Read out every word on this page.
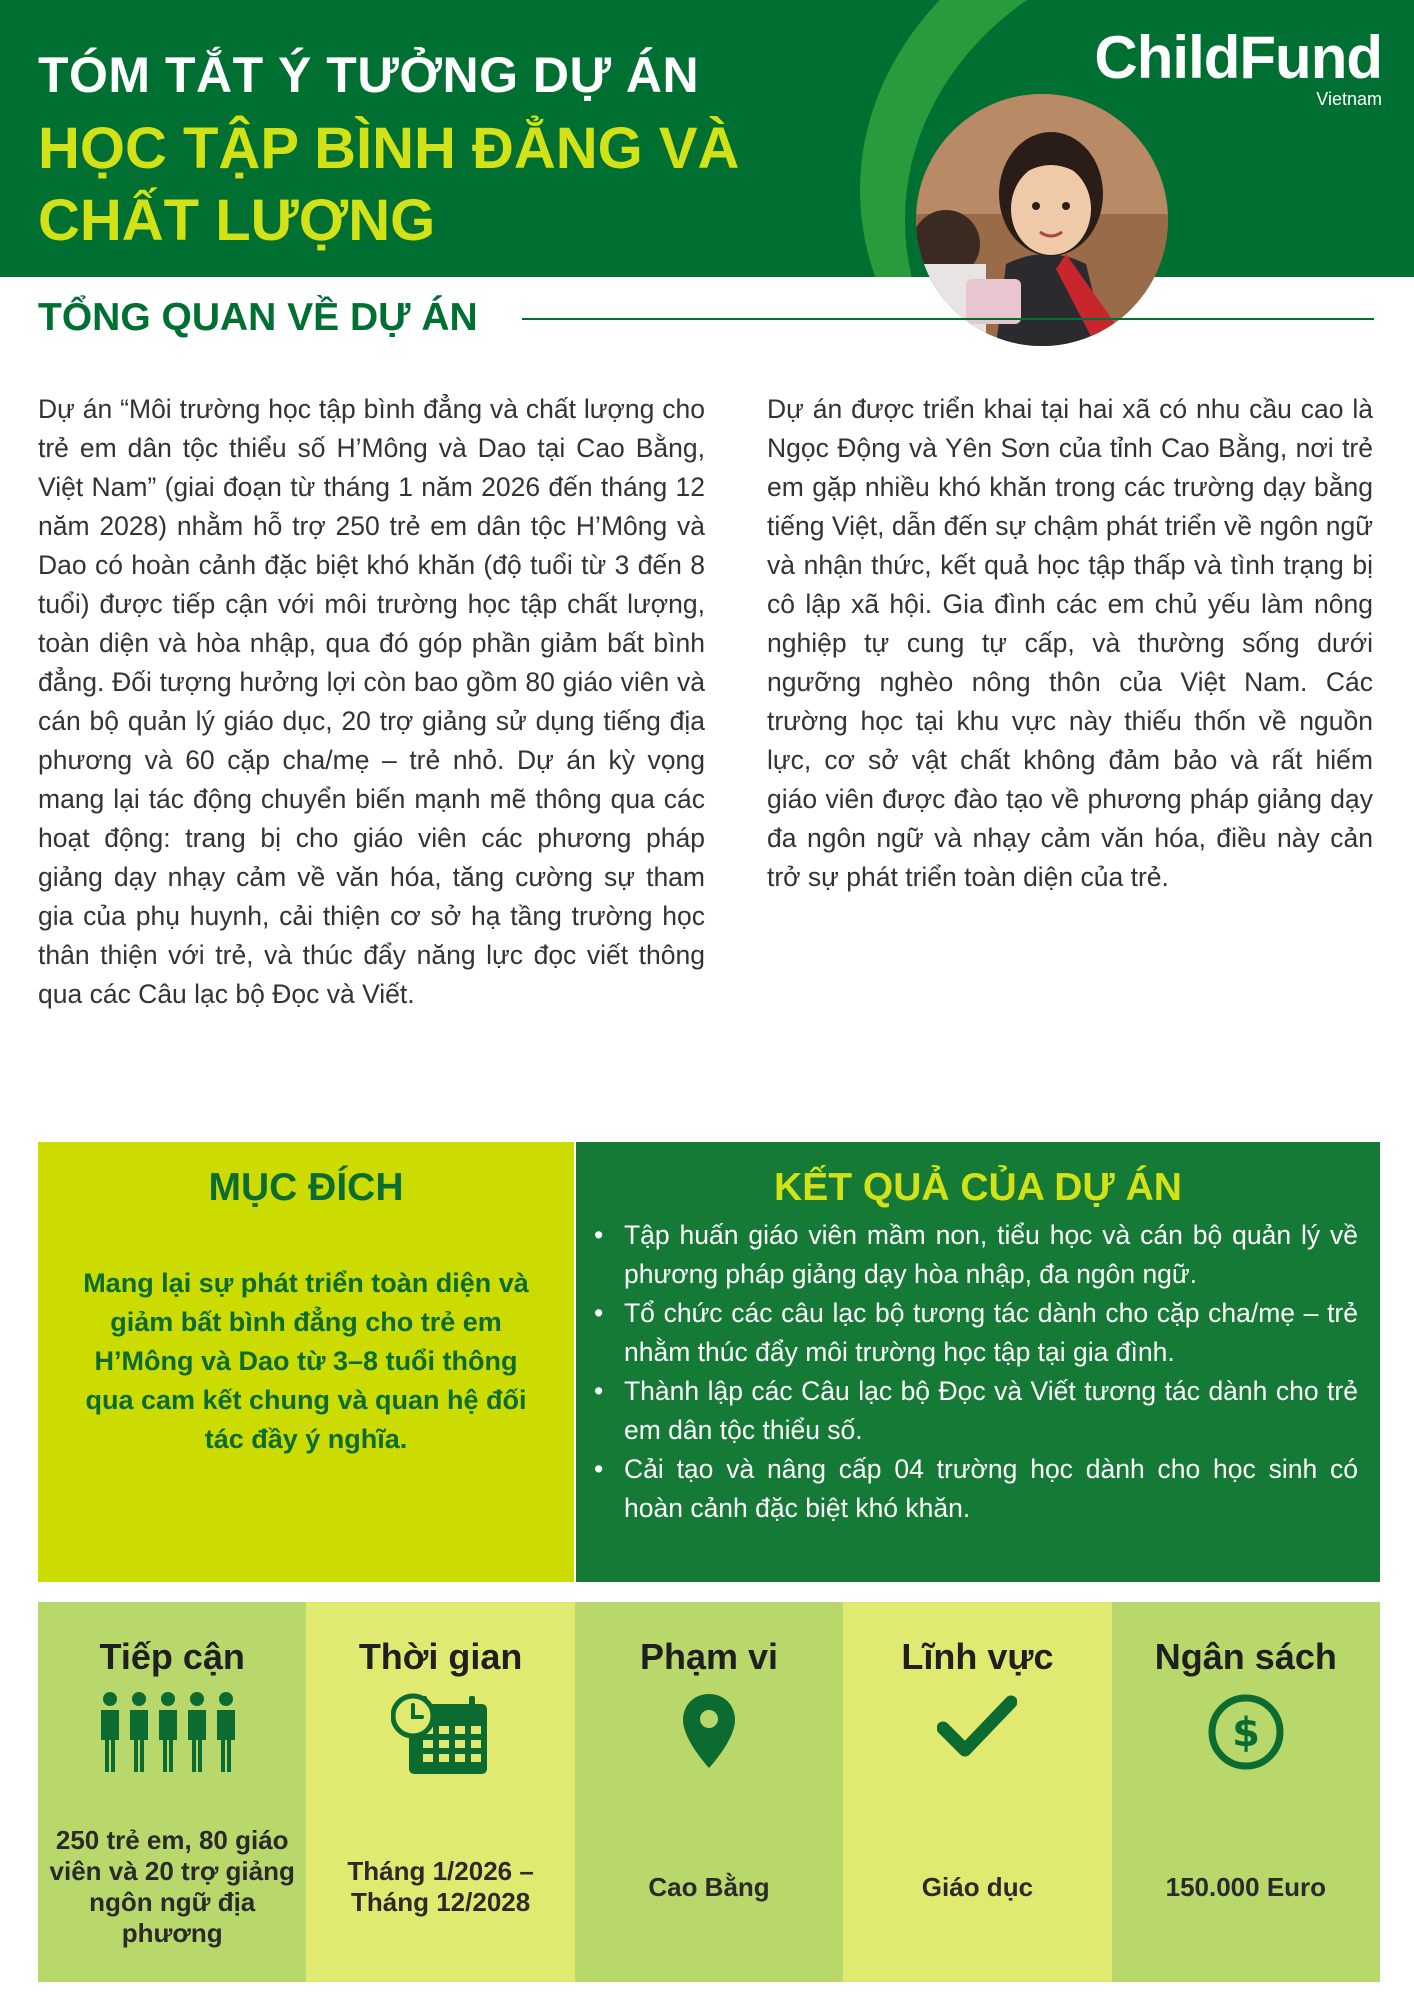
TÓM TẮT Ý TƯỞNG DỰ ÁN
HỌC TẬP BÌNH ĐẲNG VÀ CHẤT LƯỢNG
ChildFund
Vietnam
TỔNG QUAN VỀ DỰ ÁN
Dự án “Môi trường học tập bình đẳng và chất lượng cho trẻ em dân tộc thiểu số H’Mông và Dao tại Cao Bằng, Việt Nam” (giai đoạn từ tháng 1 năm 2026 đến tháng 12 năm 2028) nhằm hỗ trợ 250 trẻ em dân tộc H’Mông và Dao có hoàn cảnh đặc biệt khó khăn (độ tuổi từ 3 đến 8 tuổi) được tiếp cận với môi trường học tập chất lượng, toàn diện và hòa nhập, qua đó góp phần giảm bất bình đẳng. Đối tượng hưởng lợi còn bao gồm 80 giáo viên và cán bộ quản lý giáo dục, 20 trợ giảng sử dụng tiếng địa phương và 60 cặp cha/mẹ – trẻ nhỏ. Dự án kỳ vọng mang lại tác động chuyển biến mạnh mẽ thông qua các hoạt động: trang bị cho giáo viên các phương pháp giảng dạy nhạy cảm về văn hóa, tăng cường sự tham gia của phụ huynh, cải thiện cơ sở hạ tầng trường học thân thiện với trẻ, và thúc đẩy năng lực đọc viết thông qua các Câu lạc bộ Đọc và Viết.
Dự án được triển khai tại hai xã có nhu cầu cao là Ngọc Động và Yên Sơn của tỉnh Cao Bằng, nơi trẻ em gặp nhiều khó khăn trong các trường dạy bằng tiếng Việt, dẫn đến sự chậm phát triển về ngôn ngữ và nhận thức, kết quả học tập thấp và tình trạng bị cô lập xã hội. Gia đình các em chủ yếu làm nông nghiệp tự cung tự cấp, và thường sống dưới ngưỡng nghèo nông thôn của Việt Nam. Các trường học tại khu vực này thiếu thốn về nguồn lực, cơ sở vật chất không đảm bảo và rất hiếm giáo viên được đào tạo về phương pháp giảng dạy đa ngôn ngữ và nhạy cảm văn hóa, điều này cản trở sự phát triển toàn diện của trẻ.
MỤC ĐÍCH
Mang lại sự phát triển toàn diện và giảm bất bình đẳng cho trẻ em H’Mông và Dao từ 3–8 tuổi thông qua cam kết chung và quan hệ đối tác đầy ý nghĩa.
KẾT QUẢ CỦA DỰ ÁN
• Tập huấn giáo viên mầm non, tiểu học và cán bộ quản lý về phương pháp giảng dạy hòa nhập, đa ngôn ngữ.
• Tổ chức các câu lạc bộ tương tác dành cho cặp cha/mẹ – trẻ nhằm thúc đẩy môi trường học tập tại gia đình.
• Thành lập các Câu lạc bộ Đọc và Viết tương tác dành cho trẻ em dân tộc thiểu số.
• Cải tạo và nâng cấp 04 trường học dành cho học sinh có hoàn cảnh đặc biệt khó khăn.
Tiếp cận
250 trẻ em, 80 giáo viên và 20 trợ giảng ngôn ngữ địa phương
Thời gian
Tháng 1/2026 – Tháng 12/2028
Phạm vi
Cao Bằng
Lĩnh vực
Giáo dục
Ngân sách
$
150.000 Euro
